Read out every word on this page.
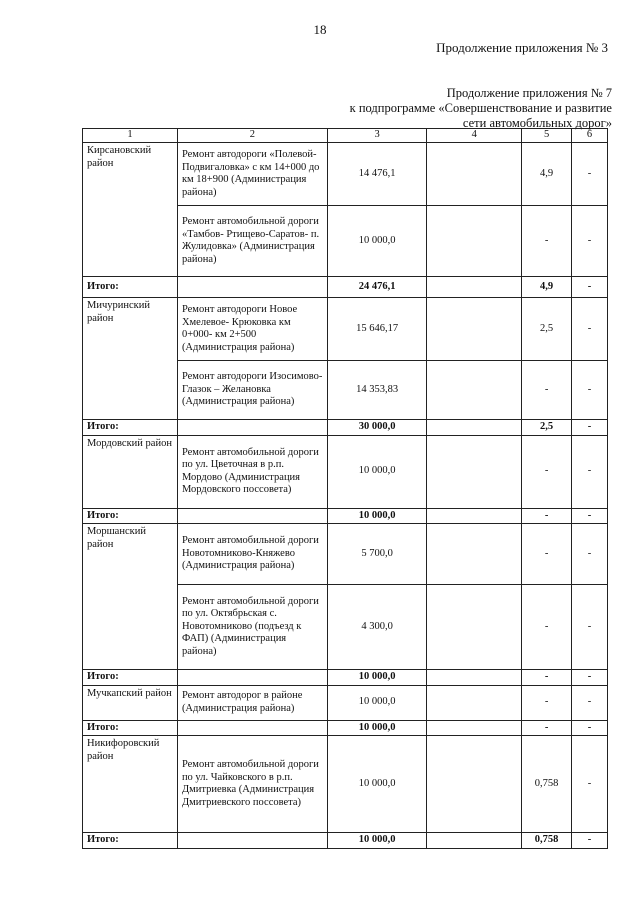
18
Продолжение приложения № 3
Продолжение приложения № 7
к подпрограмме «Совершенствование и развитие
сети автомобильных дорог»
1	2	3	4	5	6
Кирсановский район	Ремонт автодороги «Полевой-Подвигаловка» с км 14+000 до км 18+900 (Администрация района)	14 476,1		4,9	-
	Ремонт автомобильной дороги «Тамбов- Ртищево-Саратов- п. Жулидовка» (Администрация района)	10 000,0		-	-
Итого:		24 476,1		4,9	-
Мичуринский район	Ремонт автодороги Новое Хмелевое- Крюковка км 0+000- км 2+500 (Администрация района)	15 646,17		2,5	-
	Ремонт автодороги Изосимово-Глазок – Желановка (Администрация района)	14 353,83		-	-
Итого:		30 000,0		2,5	-
Мордовский район	Ремонт автомобильной дороги по ул. Цветочная в р.п. Мордово (Администрация Мордовского поссовета)	10 000,0		-	-
Итого:		10 000,0		-	-
Моршанский район	Ремонт автомобильной дороги Новотомниково-Княжево (Администрация района)	5 700,0		-	-
	Ремонт автомобильной дороги по ул. Октябрьская с. Новотомниково (подъезд к ФАП) (Администрация района)	4 300,0		-	-
Итого:		10 000,0		-	-
Мучкапский район	Ремонт автодорог в районе (Администрация района)	10 000,0		-	-
Итого:		10 000,0		-	-
Никифоровский район	Ремонт автомобильной дороги по ул. Чайковского в р.п. Дмитриевка (Администрация Дмитриевского поссовета)	10 000,0		0,758	-
Итого:		10 000,0		0,758	-
